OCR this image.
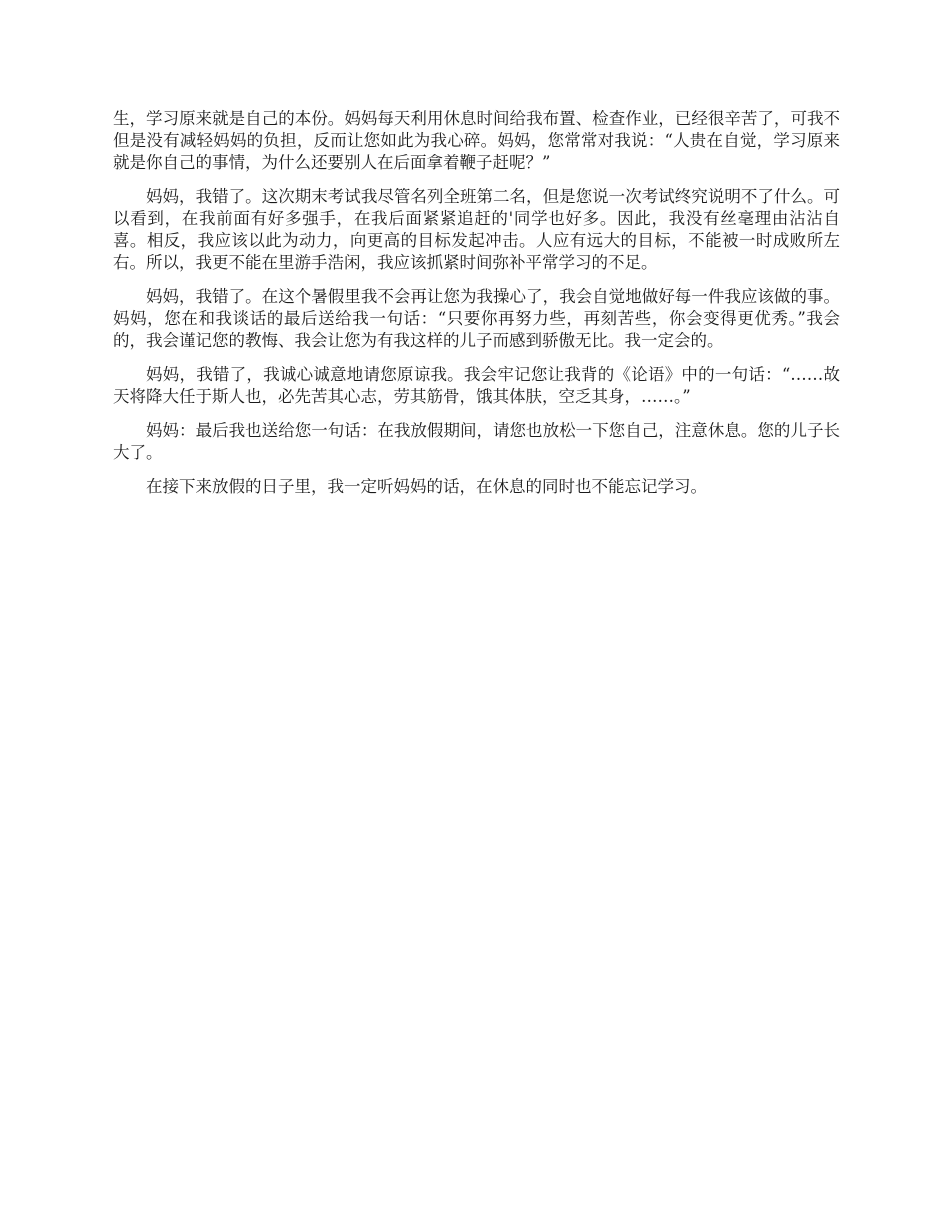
生，学习原来就是自己的本份。妈妈每天利用休息时间给我布置、检查作业，已经很辛苦了，可我不但是没有减轻妈妈的负担，反而让您如此为我心碎。妈妈，您常常对我说：“人贵在自觉，学习原来就是你自己的事情，为什么还要别人在后面拿着鞭子赶呢？”

妈妈，我错了。这次期末考试我尽管名列全班第二名，但是您说一次考试终究说明不了什么。可以看到，在我前面有好多强手，在我后面紧紧追赶的'同学也好多。因此，我没有丝毫理由沾沾自喜。相反，我应该以此为动力，向更高的目标发起冲击。人应有远大的目标，不能被一时成败所左右。所以，我更不能在里游手浩闲，我应该抓紧时间弥补平常学习的不足。

妈妈，我错了。在这个暑假里我不会再让您为我操心了，我会自觉地做好每一件我应该做的事。妈妈，您在和我谈话的最后送给我一句话：“只要你再努力些，再刻苦些，你会变得更优秀。”我会的，我会谨记您的教悔、我会让您为有我这样的儿子而感到骄傲无比。我一定会的。

妈妈，我错了，我诚心诚意地请您原谅我。我会牢记您让我背的《论语》中的一句话：“……故天将降大任于斯人也，必先苦其心志，劳其筋骨，饿其体肤，空乏其身，……。”

妈妈：最后我也送给您一句话：在我放假期间，请您也放松一下您自己，注意休息。您的儿子长大了。

在接下来放假的日子里，我一定听妈妈的话，在休息的同时也不能忘记学习。
